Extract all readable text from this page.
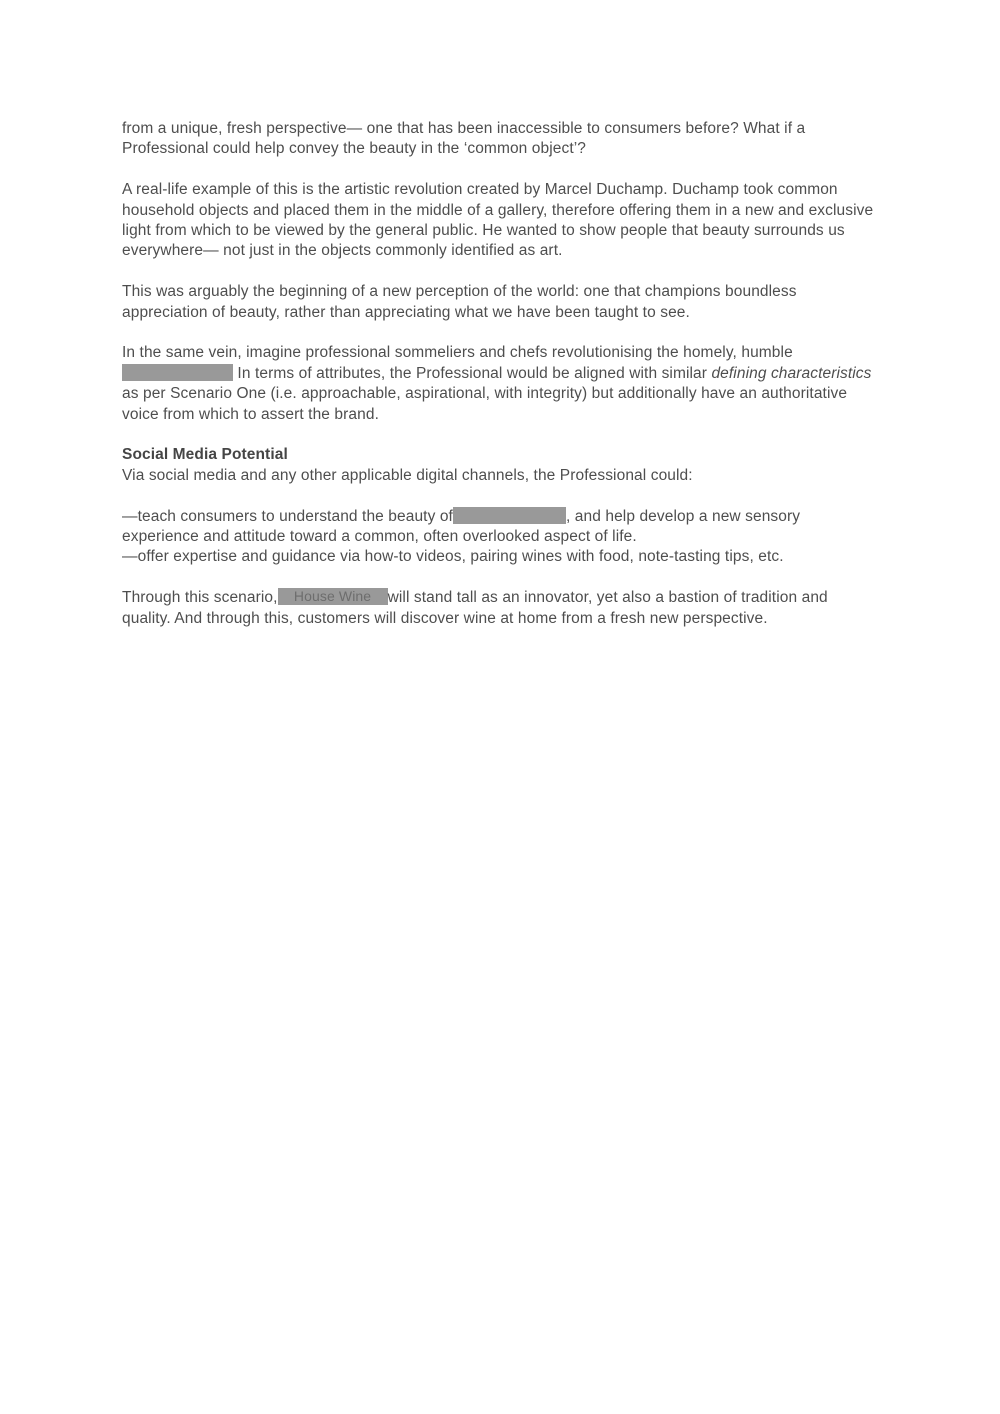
from a unique, fresh perspective— one that has been inaccessible to consumers before? What if a Professional could help convey the beauty in the ‘common object’?

A real-life example of this is the artistic revolution created by Marcel Duchamp. Duchamp took common household objects and placed them in the middle of a gallery, therefore offering them in a new and exclusive light from which to be viewed by the general public. He wanted to show people that beauty surrounds us everywhere— not just in the objects commonly identified as art.

This was arguably the beginning of a new perception of the world: one that champions boundless appreciation of beauty, rather than appreciating what we have been taught to see.

In the same vein, imagine professional sommeliers and chefs revolutionising the homely, humble In terms of attributes, the Professional would be aligned with similar defining characteristics as per Scenario One (i.e. approachable, aspirational, with integrity) but additionally have an authoritative voice from which to assert the brand.

Social Media Potential
Via social media and any other applicable digital channels, the Professional could:

—teach consumers to understand the beauty of	, and help develop a new sensory experience and attitude toward a common, often overlooked aspect of life.
—offer expertise and guidance via how-to videos, pairing wines with food, note-tasting tips, etc.

Through this scenario, House Wine will stand tall as an innovator, yet also a bastion of tradition and quality. And through this, customers will discover wine at home from a fresh new perspective.
